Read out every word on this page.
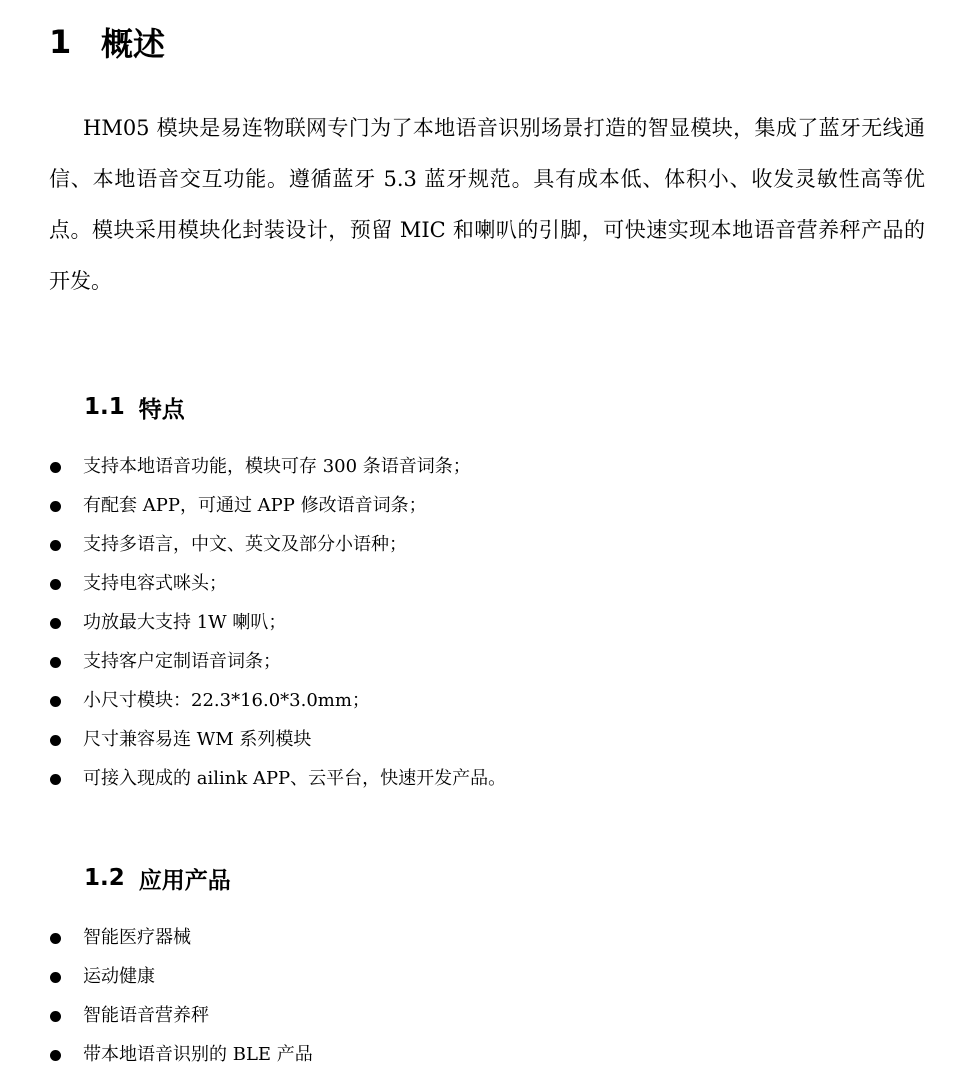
1 概述

HM05 模块是易连物联网专门为了本地语音识别场景打造的智显模块，集成了蓝牙无线通信、本地语音交互功能。遵循蓝牙 5.3 蓝牙规范。具有成本低、体积小、收发灵敏性高等优点。模块采用模块化封装设计，预留 MIC 和喇叭的引脚，可快速实现本地语音营养秤产品的开发。

1.1 特点
支持本地语音功能，模块可存 300 条语音词条；
有配套 APP，可通过 APP 修改语音词条；
支持多语言，中文、英文及部分小语种；
支持电容式咪头；
功放最大支持 1W 喇叭；
支持客户定制语音词条；
小尺寸模块：22.3*16.0*3.0mm；
尺寸兼容易连 WM 系列模块
可接入现成的 ailink APP、云平台，快速开发产品。
1.2 应用产品
智能医疗器械
运动健康
智能语音营养秤
带本地语音识别的 BLE 产品
